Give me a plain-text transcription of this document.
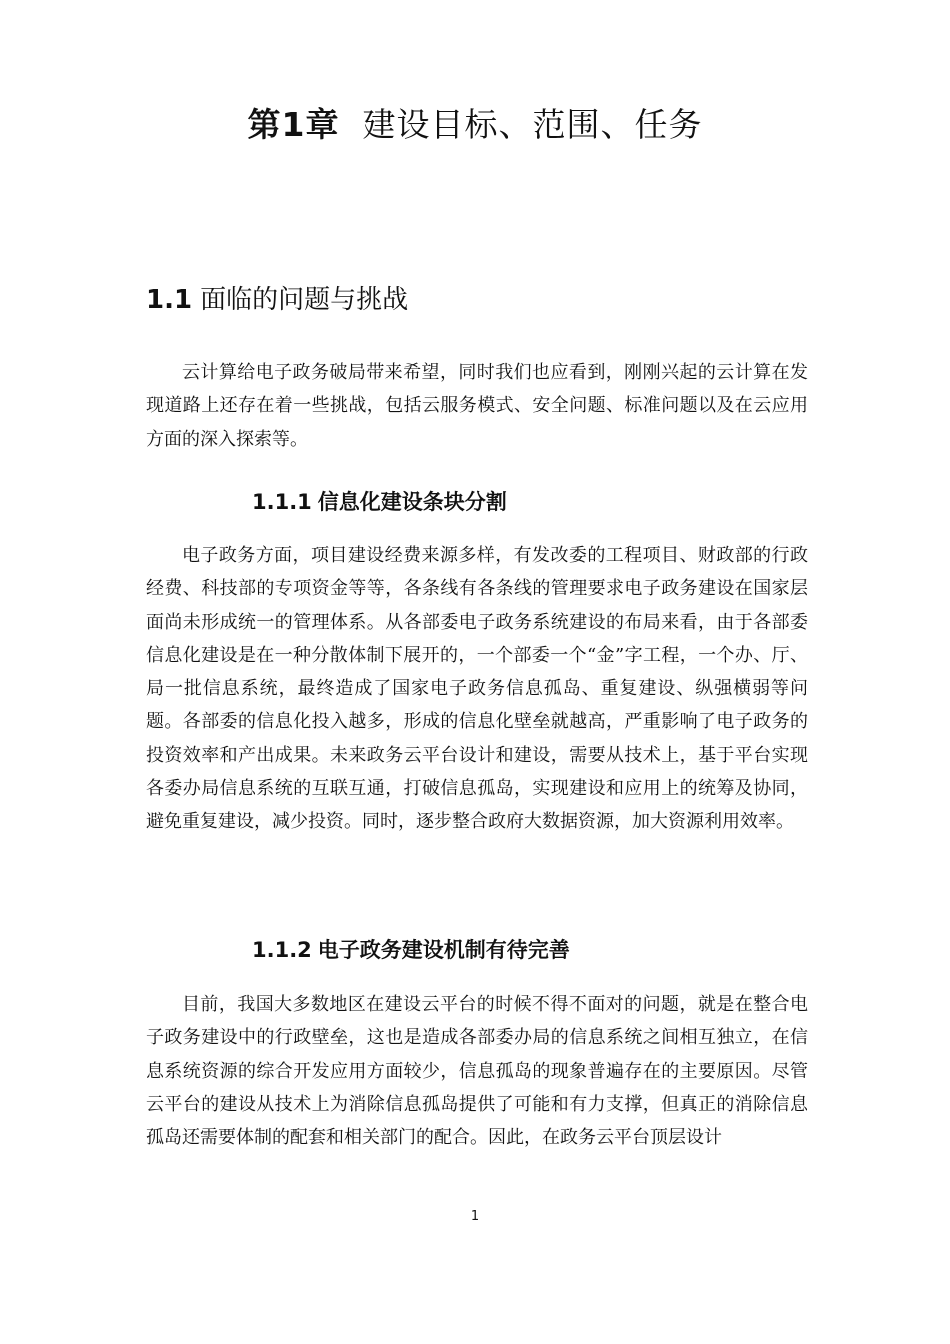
第1章 建设目标、范围、任务
1.1 面临的问题与挑战

云计算给电子政务破局带来希望，同时我们也应看到，刚刚兴起的云计算在发现道路上还存在着一些挑战，包括云服务模式、安全问题、标准问题以及在云应用方面的深入探索等。

1.1.1 信息化建设条块分割

电子政务方面，项目建设经费来源多样，有发改委的工程项目、财政部的行政经费、科技部的专项资金等等，各条线有各条线的管理要求电子政务建设在国家层面尚未形成统一的管理体系。从各部委电子政务系统建设的布局来看，由于各部委信息化建设是在一种分散体制下展开的，一个部委一个“金”字工程，一个办、厅、局一批信息系统，最终造成了国家电子政务信息孤岛、重复建设、纵强横弱等问题。各部委的信息化投入越多，形成的信息化壁垒就越高，严重影响了电子政务的投资效率和产出成果。未来政务云平台设计和建设，需要从技术上，基于平台实现各委办局信息系统的互联互通，打破信息孤岛，实现建设和应用上的统筹及协同，避免重复建设，减少投资。同时，逐步整合政府大数据资源，加大资源利用效率。

1.1.2 电子政务建设机制有待完善

目前，我国大多数地区在建设云平台的时候不得不面对的问题，就是在整合电子政务建设中的行政壁垒，这也是造成各部委办局的信息系统之间相互独立，在信息系统资源的综合开发应用方面较少，信息孤岛的现象普遍存在的主要原因。尽管云平台的建设从技术上为消除信息孤岛提供了可能和有力支撑，但真正的消除信息孤岛还需要体制的配套和相关部门的配合。因此，在政务云平台顶层设计

1
